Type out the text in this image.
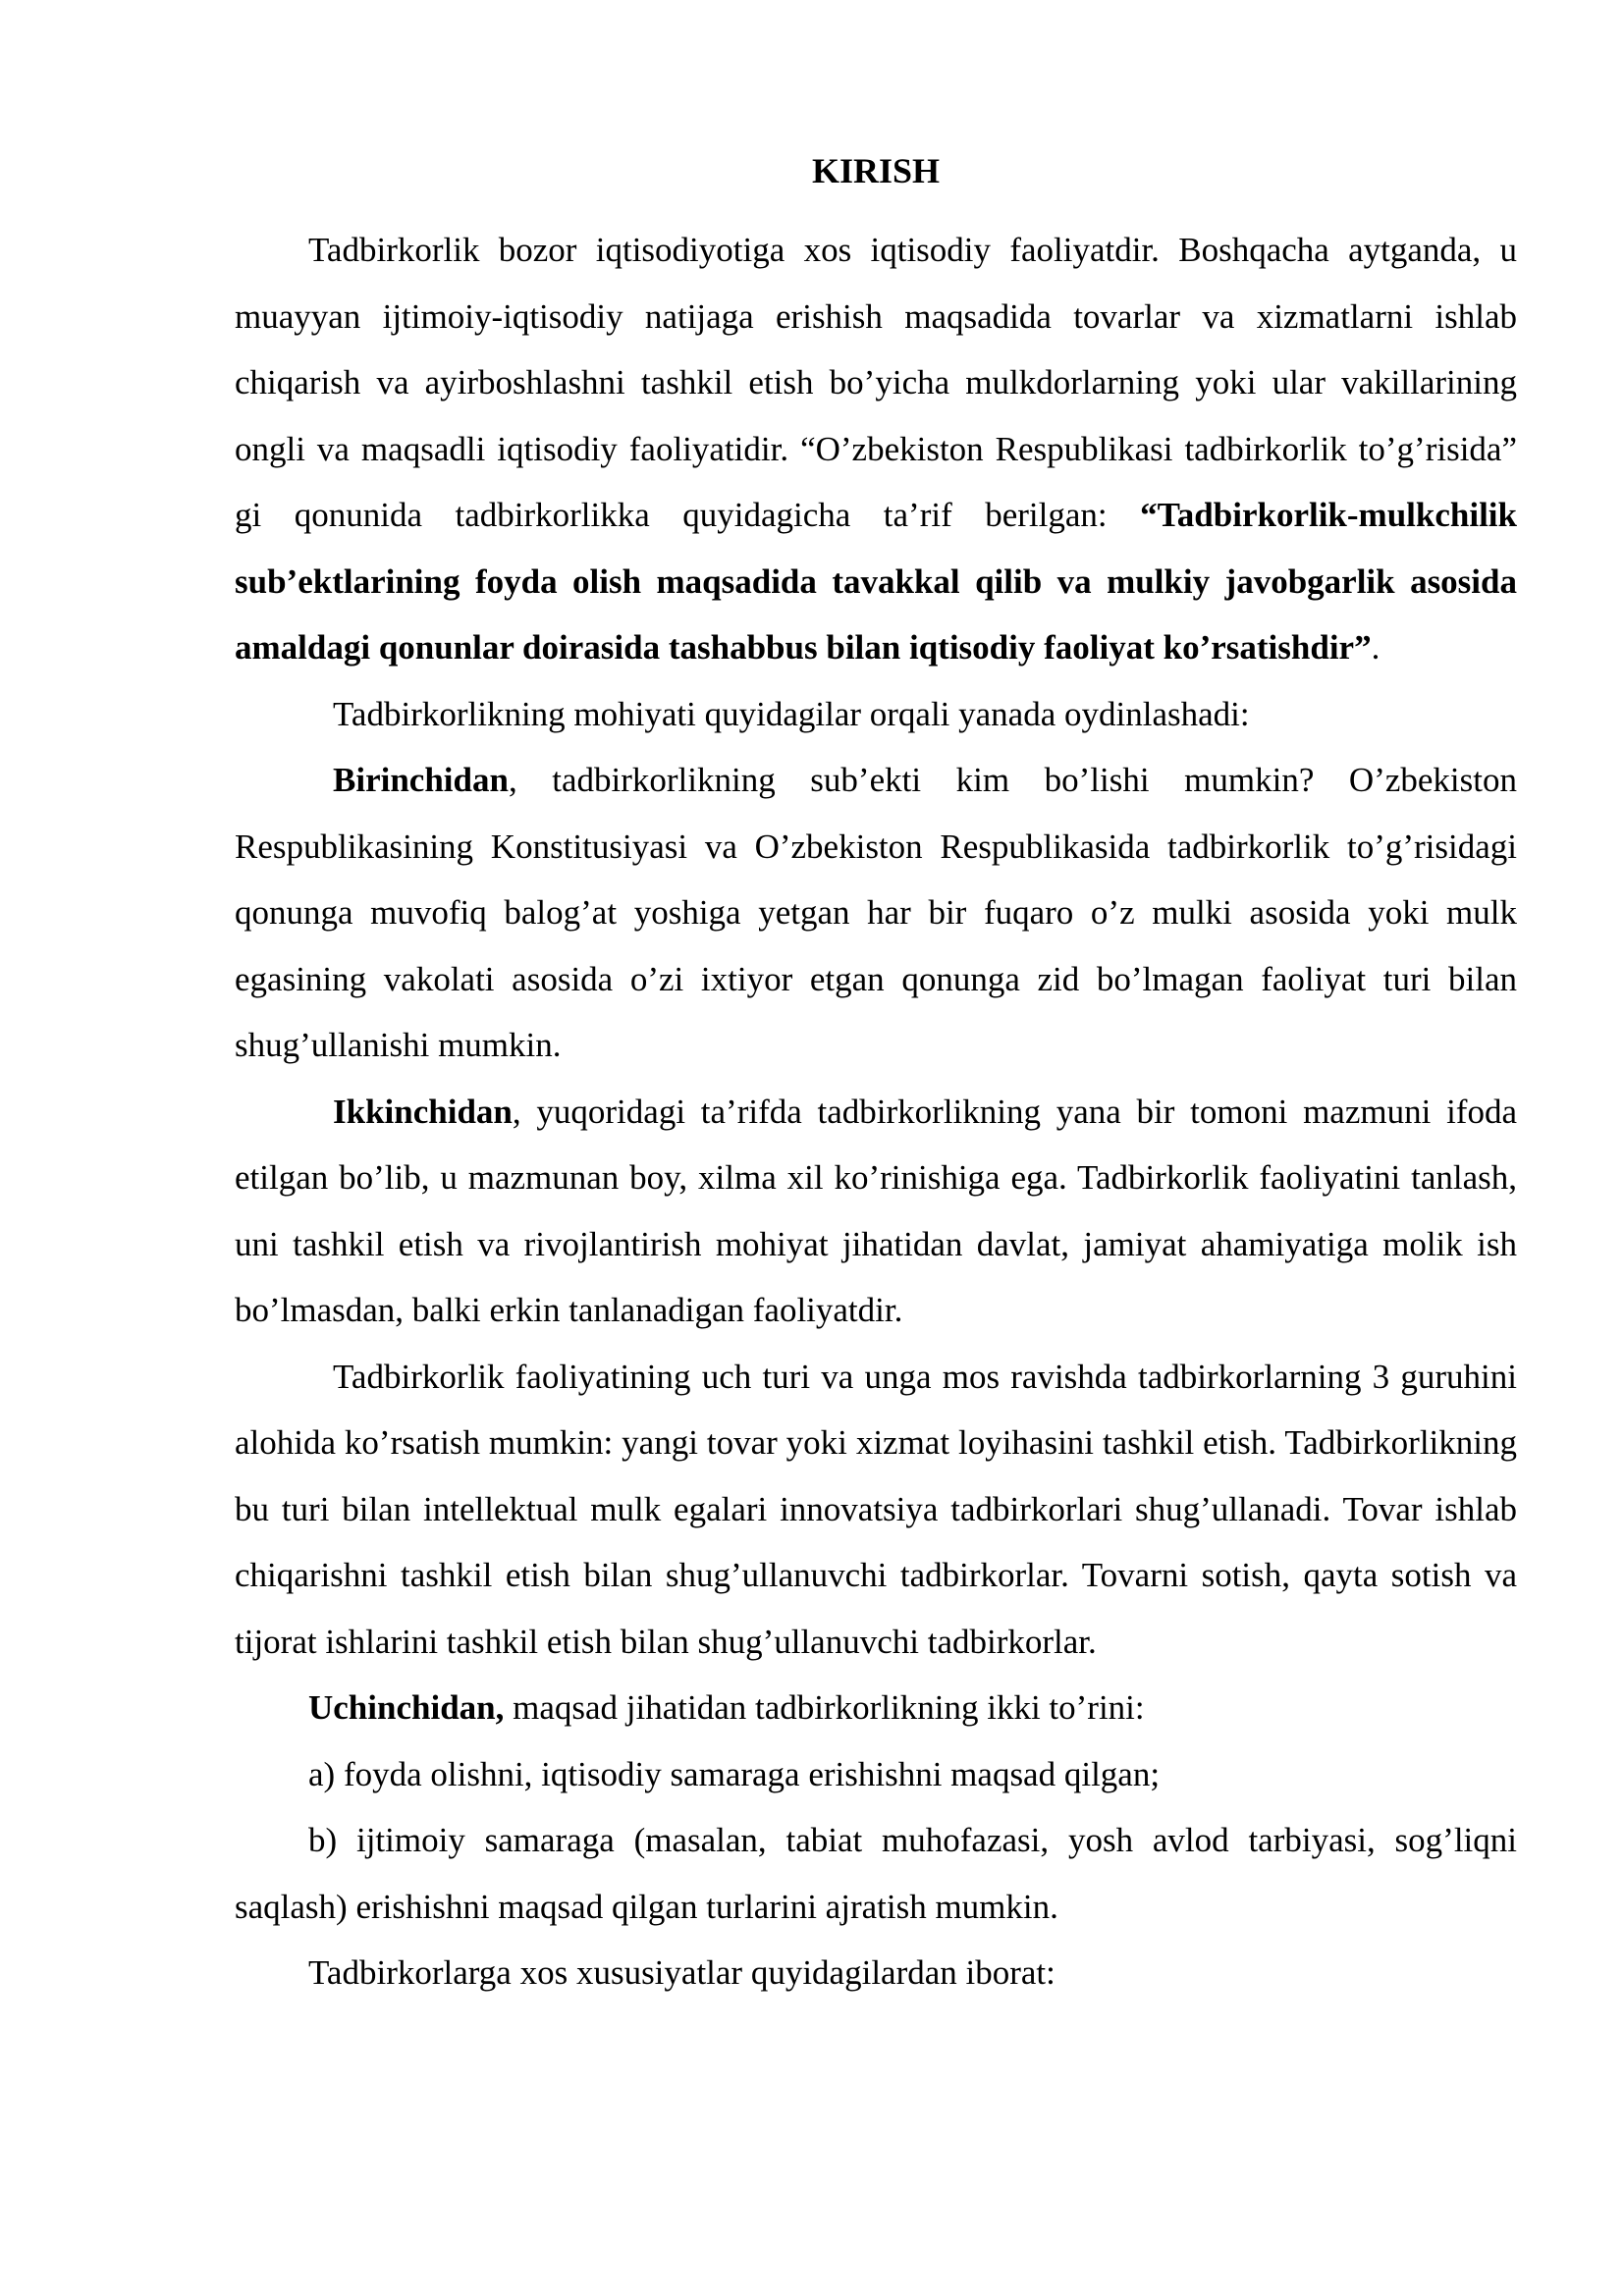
KIRISH

Tadbirkorlik bozor iqtisodiyotiga xos iqtisodiy faoliyatdir. Boshqacha aytganda, u muayyan ijtimoiy-iqtisodiy natijaga erishish maqsadida tovarlar va xizmatlarni ishlab chiqarish va ayirboshlashni tashkil etish bo’yicha mulkdorlarning yoki ular vakillarining ongli va maqsadli iqtisodiy faoliyatidir. “O’zbekiston Respublikasi tadbirkorlik to’g’risida” gi qonunida tadbirkorlikka quyidagicha ta’rif berilgan: “Tadbirkorlik-mulkchilik sub’ektlarining foyda olish maqsadida tavakkal qilib va mulkiy javobgarlik asosida amaldagi qonunlar doirasida tashabbus bilan iqtisodiy faoliyat ko’rsatishdir”.

Tadbirkorlikning mohiyati quyidagilar orqali yanada oydinlashadi:

Birinchidan, tadbirkorlikning sub’ekti kim bo’lishi mumkin? O’zbekiston Respublikasining Konstitusiyasi va O’zbekiston Respublikasida tadbirkorlik to’g’risidagi qonunga muvofiq balog’at yoshiga yetgan har bir fuqaro o’z mulki asosida yoki mulk egasining vakolati asosida o’zi ixtiyor etgan qonunga zid bo’lmagan faoliyat turi bilan shug’ullanishi mumkin.

Ikkinchidan, yuqoridagi ta’rifda tadbirkorlikning yana bir tomoni mazmuni ifoda etilgan bo’lib, u mazmunan boy, xilma xil ko’rinishiga ega. Tadbirkorlik faoliyatini tanlash, uni tashkil etish va rivojlantirish mohiyat jihatidan davlat, jamiyat ahamiyatiga molik ish bo’lmasdan, balki erkin tanlanadigan faoliyatdir.

Tadbirkorlik faoliyatining uch turi va unga mos ravishda tadbirkorlarning 3 guruhini alohida ko’rsatish mumkin: yangi tovar yoki xizmat loyihasini tashkil etish. Tadbirkorlikning bu turi bilan intellektual mulk egalari innovatsiya tadbirkorlari shug’ullanadi. Tovar ishlab chiqarishni tashkil etish bilan shug’ullanuvchi tadbirkorlar. Tovarni sotish, qayta sotish va tijorat ishlarini tashkil etish bilan shug’ullanuvchi tadbirkorlar.

Uchinchidan, maqsad jihatidan tadbirkorlikning ikki to’rini:

a) foyda olishni, iqtisodiy samaraga erishishni maqsad qilgan;

b) ijtimoiy samaraga (masalan, tabiat muhofazasi, yosh avlod tarbiyasi, sog’liqni saqlash) erishishni maqsad qilgan turlarini ajratish mumkin.

Tadbirkorlarga xos xususiyatlar quyidagilardan iborat:
